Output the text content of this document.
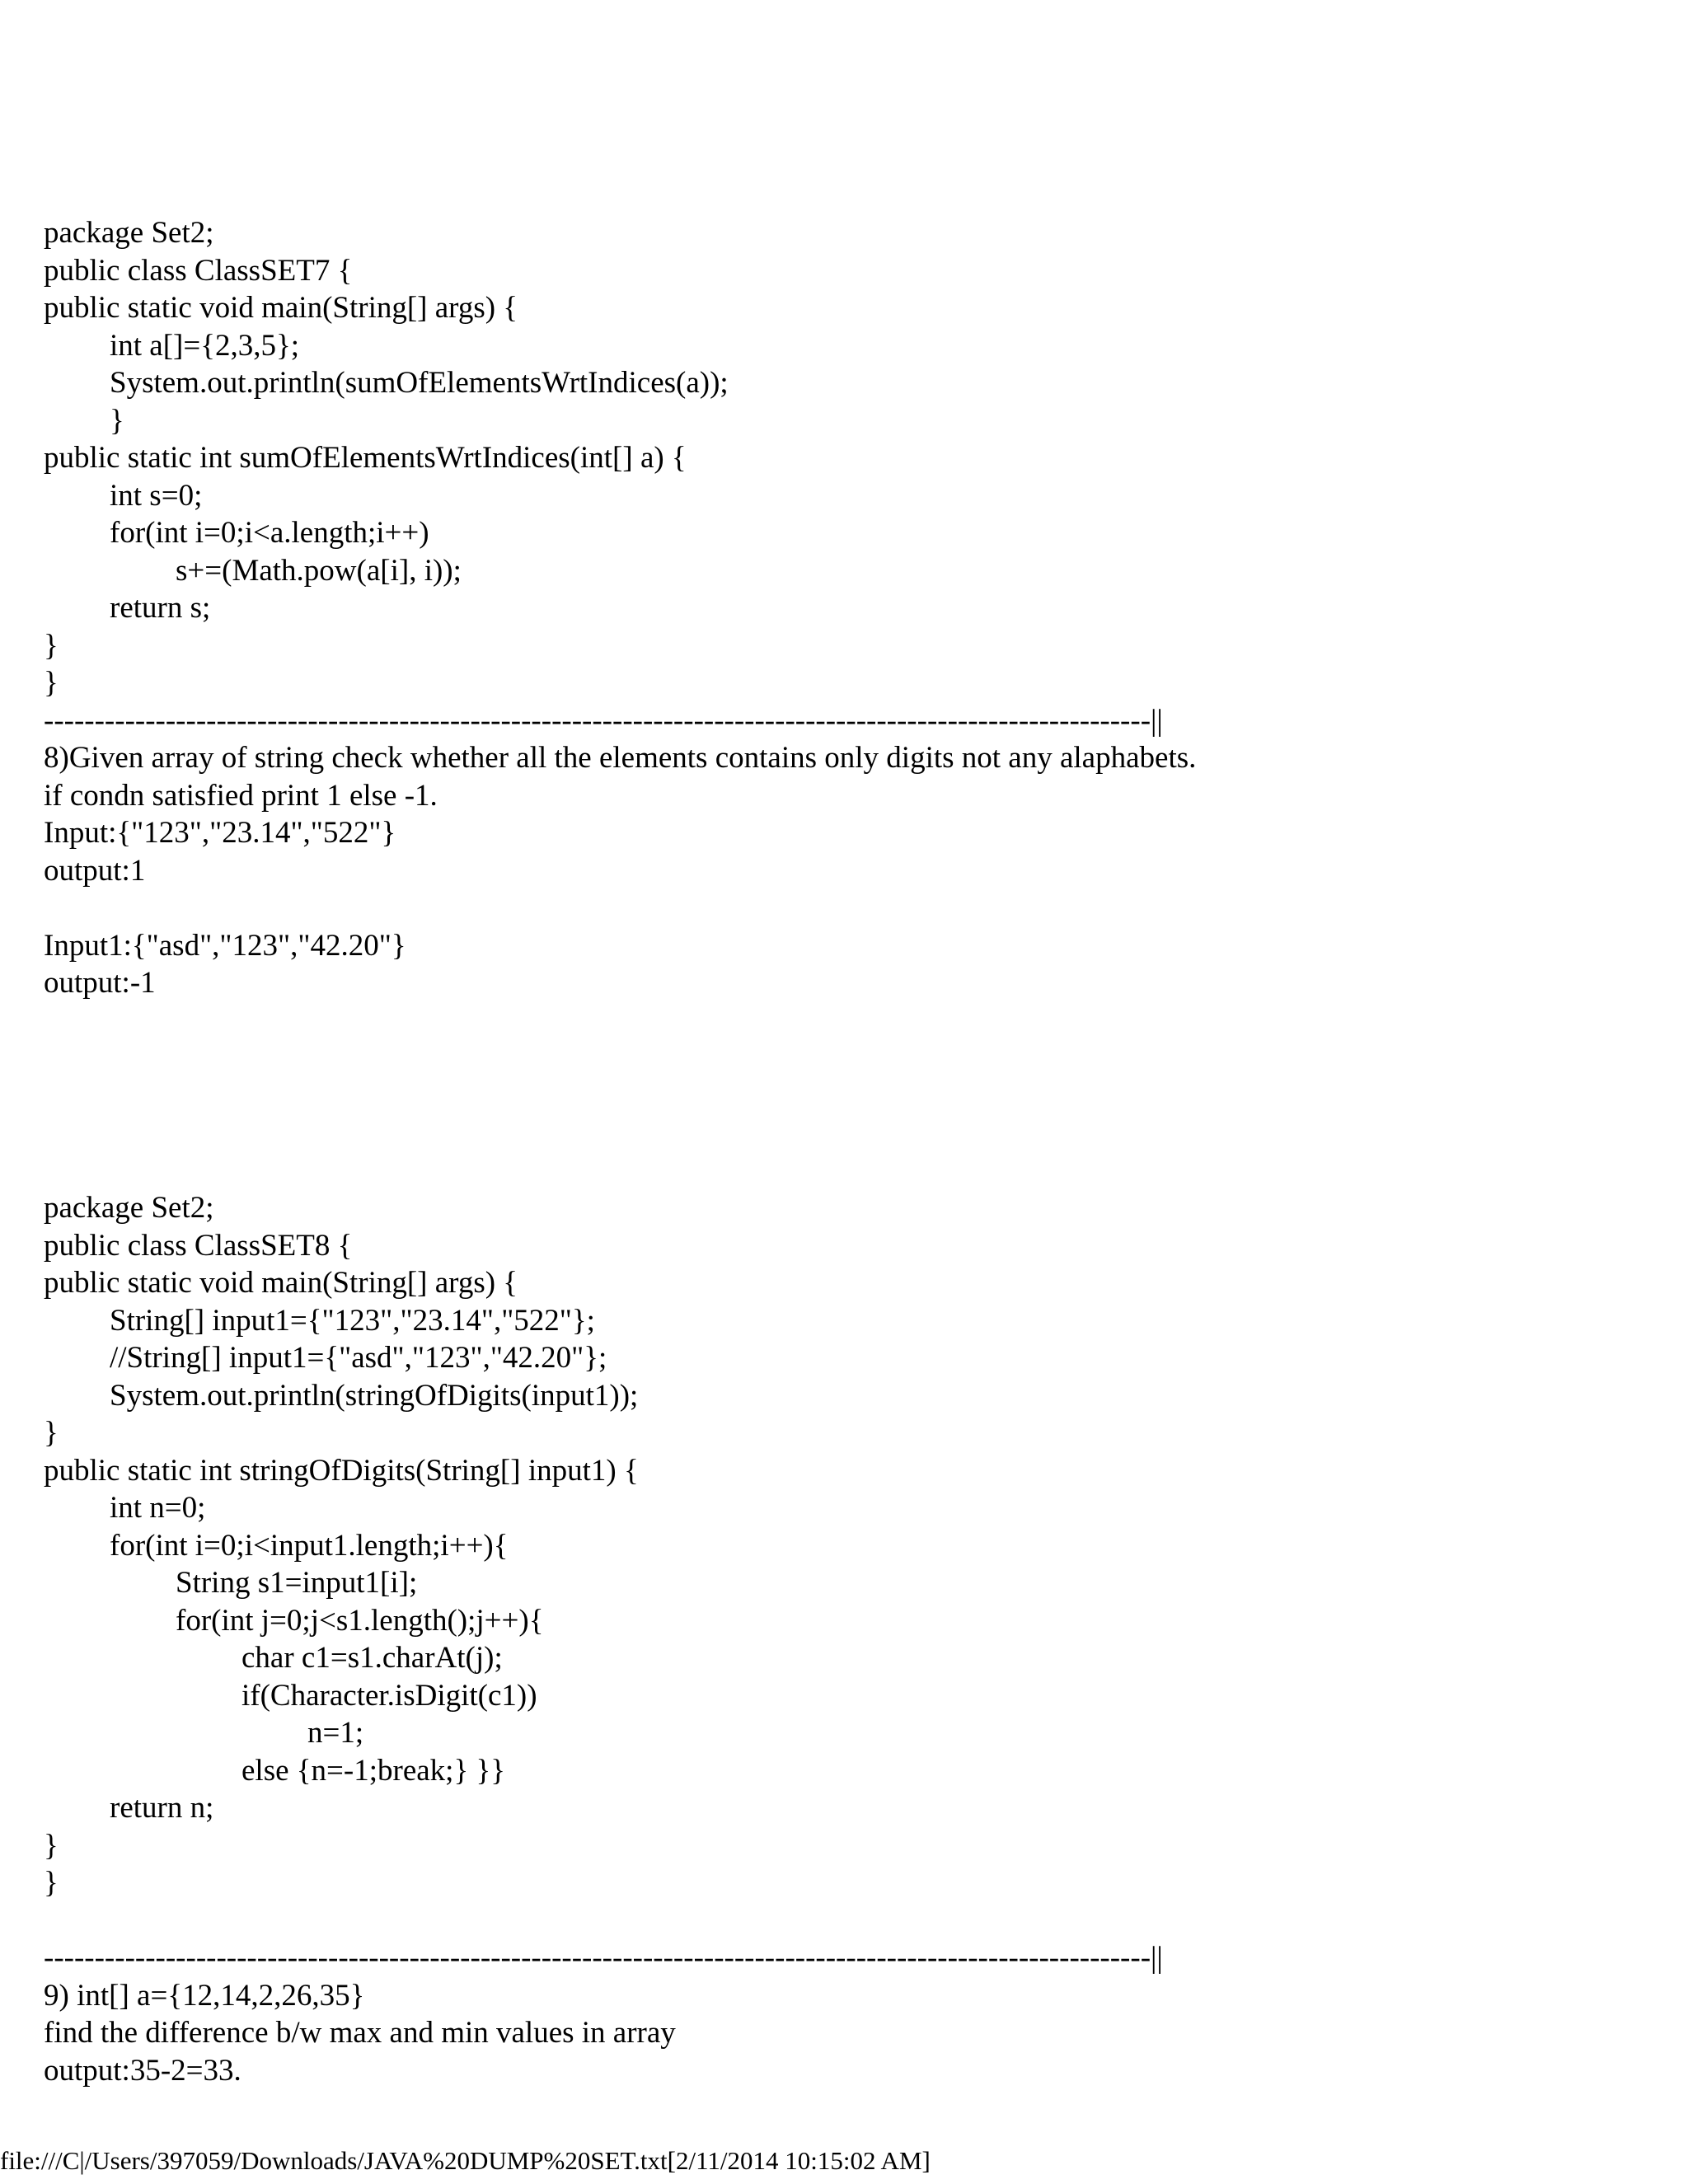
package Set2;
public class ClassSET7 {
public static void main(String[] args) {
	int a[]={2,3,5};
	System.out.println(sumOfElementsWrtIndices(a));
	}
public static int sumOfElementsWrtIndices(int[] a) {
	int s=0;
	for(int i=0;i<a.length;i++)
		s+=(Math.pow(a[i], i));
	return s;
}
}
-------------------------------------------------------------------------------------------------------------||
8)Given array of string check whether all the elements contains only digits not any alaphabets.
if condn satisfied print 1 else -1.
Input:{"123","23.14","522"}
output:1
Input1:{"asd","123","42.20"}
output:-1
package Set2;
public class ClassSET8 {
public static void main(String[] args) {
	String[] input1={"123","23.14","522"};
	//String[] input1={"asd","123","42.20"};
	System.out.println(stringOfDigits(input1));
}
public static int stringOfDigits(String[] input1) {
	int n=0;
	for(int i=0;i<input1.length;i++){
		String s1=input1[i];
		for(int j=0;j<s1.length();j++){
			char c1=s1.charAt(j);
			if(Character.isDigit(c1))
				n=1;
			else {n=-1;break;} }}
	return n;
}
}
-------------------------------------------------------------------------------------------------------------||
9) int[] a={12,14,2,26,35}
find the difference b/w max and min values in array
output:35-2=33.
file:///C|/Users/397059/Downloads/JAVA%20DUMP%20SET.txt[2/11/2014 10:15:02 AM]
